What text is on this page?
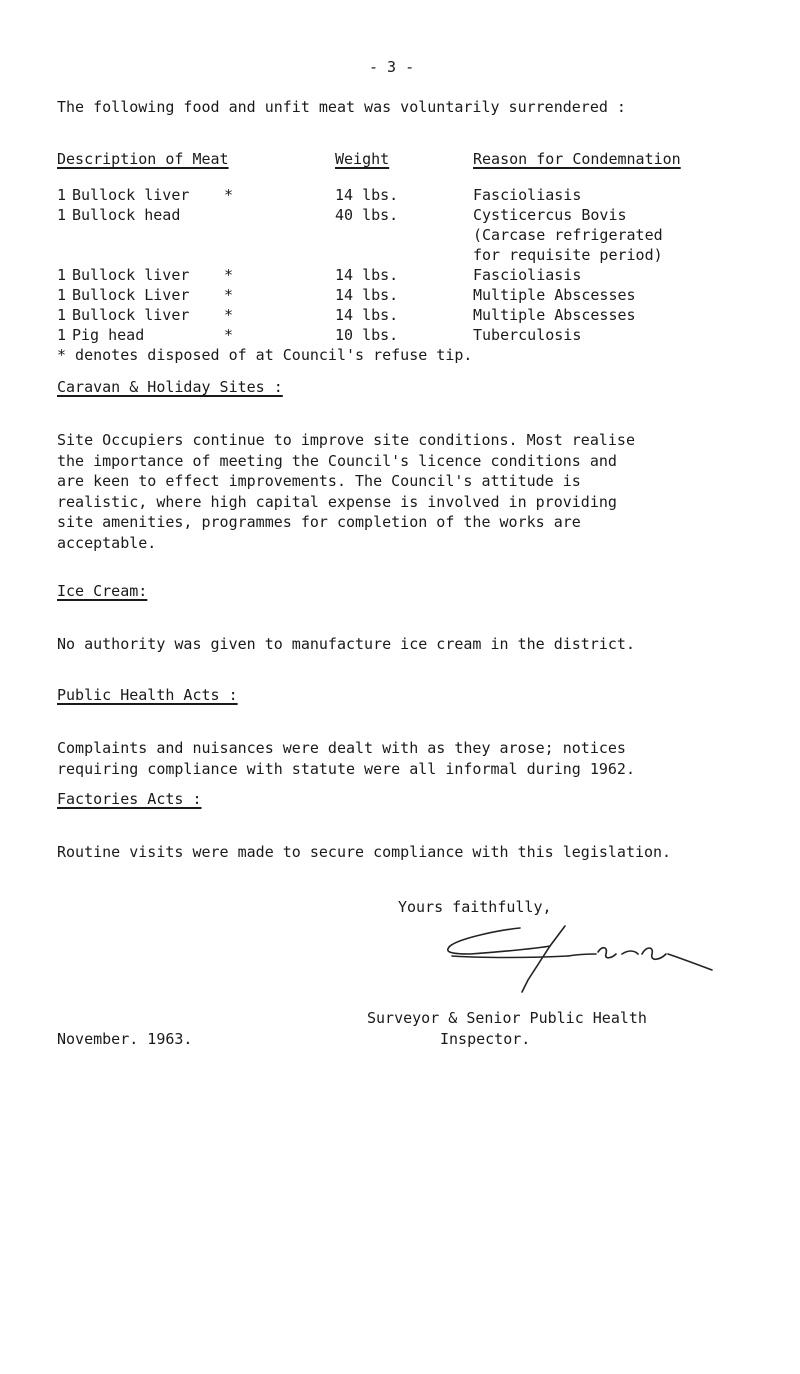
- 3 -
The following food and unfit meat was voluntarily surrendered :
Description of Meat	Weight	Reason for Condemnation
1 Bullock liver *	14 lbs.	Fascioliasis
1 Bullock head	40 lbs.	Cysticercus Bovis
(Carcase refrigerated
for requisite period)
1 Bullock liver *	14 lbs.	Fascioliasis
1 Bullock Liver *	14 lbs.	Multiple Abscesses
1 Bullock liver *	14 lbs.	Multiple Abscesses
1 Pig head	*	10 lbs.	Tuberculosis
* denotes disposed of at Council's refuse tip.
Caravan & Holiday Sites :
Site Occupiers continue to improve site conditions. Most realise
the importance of meeting the Council's licence conditions and
are keen to effect improvements. The Council's attitude is
realistic, where high capital expense is involved in providing
site amenities, programmes for completion of the works are
acceptable.
Ice Cream:
No authority was given to manufacture ice cream in the district.
Public Health Acts :
Complaints and nuisances were dealt with as they arose; notices
requiring compliance with statute were all informal during 1962.
Factories Acts :
Routine visits were made to secure compliance with this legislation.
Yours faithfully,
Surveyor & Senior Public Health
Inspector.
November. 1963.
